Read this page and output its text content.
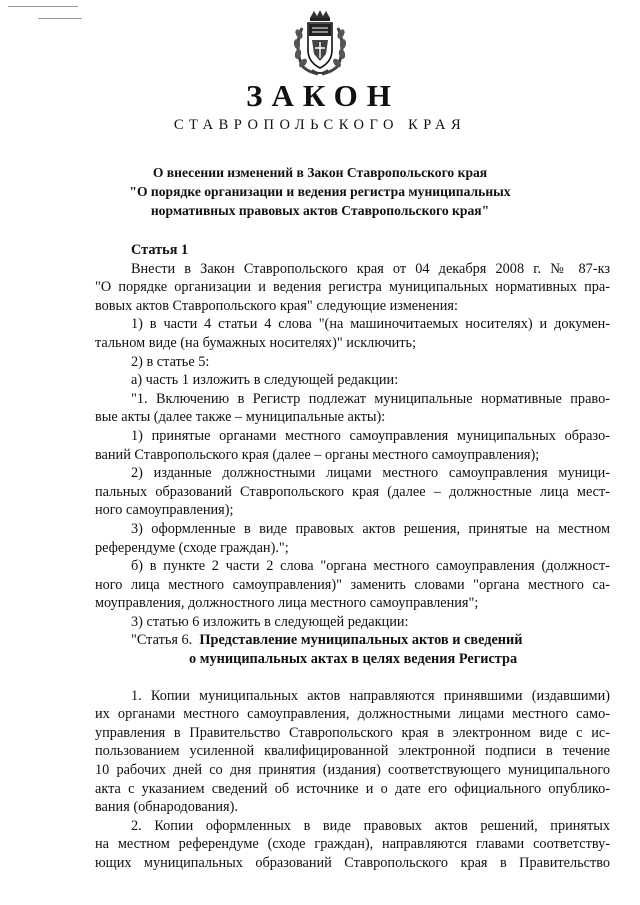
ЗАКОН
СТАВРОПОЛЬСКОГО КРАЯ
О внесении изменений в Закон Ставропольского края
"О порядке организации и ведения регистра муниципальных
нормативных правовых актов Ставропольского края"
Статья 1
Внести в Закон Ставропольского края от 04 декабря 2008 г. № 87-кз
"О порядке организации и ведения регистра муниципальных нормативных пра-
вовых актов Ставропольского края" следующие изменения:
1) в части 4 статьи 4 слова "(на машиночитаемых носителях) и докумен-
тальном виде (на бумажных носителях)" исключить;
2) в статье 5:
а) часть 1 изложить в следующей редакции:
"1. Включению в Регистр подлежат муниципальные нормативные право-
вые акты (далее также – муниципальные акты):
1) принятые органами местного самоуправления муниципальных образо-
ваний Ставропольского края (далее – органы местного самоуправления);
2) изданные должностными лицами местного самоуправления муници-
пальных образований Ставропольского края (далее – должностные лица мест-
ного самоуправления);
3) оформленные в виде правовых актов решения, принятые на местном
референдуме (сходе граждан).";
б) в пункте 2 части 2 слова "органа местного самоуправления (должност-
ного лица местного самоуправления)" заменить словами "органа местного са-
моуправления, должностного лица местного самоуправления";
3) статью 6 изложить в следующей редакции:
"Статья 6. Представление муниципальных актов и сведений
о муниципальных актах в целях ведения Регистра
1. Копии муниципальных актов направляются принявшими (издавшими)
их органами местного самоуправления, должностными лицами местного само-
управления в Правительство Ставропольского края в электронном виде с ис-
пользованием усиленной квалифицированной электронной подписи в течение
10 рабочих дней со дня принятия (издания) соответствующего муниципального
акта с указанием сведений об источнике и о дате его официального опублико-
вания (обнародования).
2. Копии оформленных в виде правовых актов решений, принятых
на местном референдуме (сходе граждан), направляются главами соответству-
ющих муниципальных образований Ставропольского края в Правительство
